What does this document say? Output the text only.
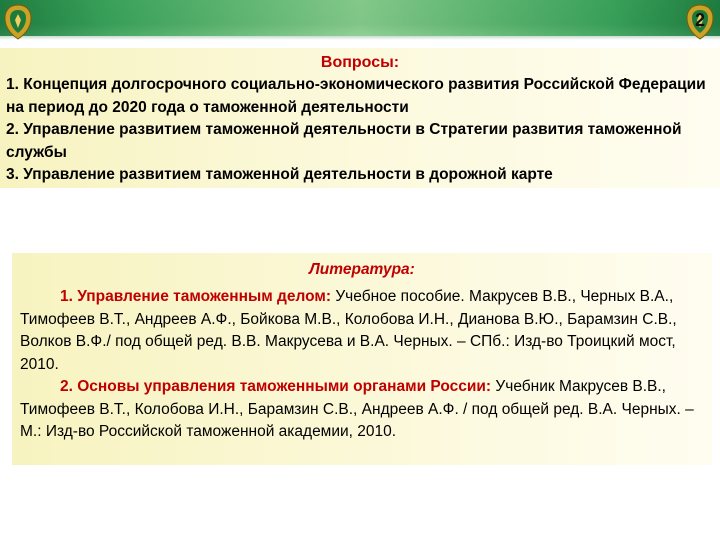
2
Вопросы:
1. Концепция долгосрочного социально-экономического развития Российской Федерации на период до 2020 года о таможенной деятельности
2. Управление развитием таможенной деятельности в Стратегии развития таможенной службы
3. Управление развитием таможенной деятельности в дорожной карте
Литература:
1. Управление таможенным делом: Учебное пособие. Макрусев В.В., Черных В.А., Тимофеев В.Т., Андреев А.Ф., Бойкова М.В., Колобова И.Н., Дианова В.Ю., Барамзин С.В., Волков В.Ф./ под общей ред. В.В. Макрусева и В.А. Черных. – СПб.: Изд-во Троицкий мост, 2010.
2. Основы управления таможенными органами России: Учебник Макрусев В.В., Тимофеев В.Т., Колобова И.Н., Барамзин С.В., Андреев А.Ф. / под общей ред. В.А. Черных. – М.: Изд-во Российской таможенной академии, 2010.
